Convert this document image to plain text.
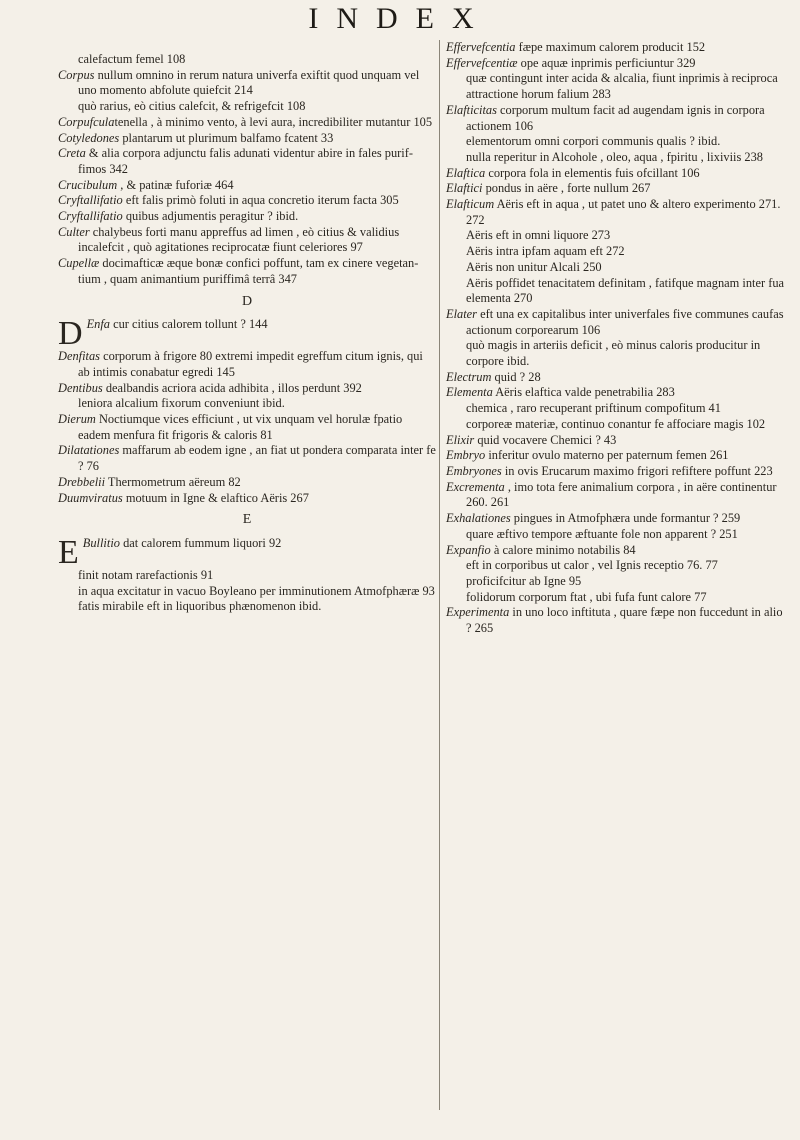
INDEX

calefactum femel 108

Corpus nullum omnino in rerum natura univerfa exiftit quod unquam vel uno momento abfolute quiefcit 214

quò rarius, eò citius calefcit, & refrigefcit 108

Corpufculatenella , à minimo vento, à levi aura, incredibiliter mutantur 105

Cotyledones plantarum ut plurimum balfamo fcatent 33

Creta & alia corpora adjunctu falis adunati videntur abire in fales purif-fimos 342

Crucibulum , & patinæ fuforiæ 464

Cryftallifatio eft falis primò foluti in aqua concretio iterum facta 305

Cryftallifatio quibus adjumentis peragitur ? ibid.

Culter chalybeus forti manu appreffus ad limen , eò citius & validius incalefcit , quò agitationes reciprocatæ fiunt celeriores 97

Cupellæ docimafticæ æque bonæ confici poffunt, tam ex cinere vegetan-tium , quam animantium puriffimâ terrâ 347

D

D Enfa cur citius calorem tollunt ? 144

Denfitas corporum à frigore 80 extremi impedit egreffum citum ignis, qui ab intimis conabatur egredi 145

Dentibus dealbandis acriora acida adhibita , illos perdunt 392

leniora alcalium fixorum conveniunt ibid.

Dierum Noctiumque vices efficiunt , ut vix unquam vel horulæ fpatio eadem menfura fit frigoris & caloris 81

Dilatationes maffarum ab eodem igne , an fiat ut pondera comparata inter fe ? 76

Drebbelii Thermometrum aëreum 82

Duumviratus motuum in Igne & elaftico Aëris 267

E

E Bullitio dat calorem fummum liquori 92

finit notam rarefactionis 91

in aqua excitatur in vacuo Boyleano per imminutionem Atmofphæræ 93

fatis mirabile eft in liquoribus phænomenon ibid.

Effervefcentia fæpe maximum calorem producit 152

Effervefcentiæ ope aquæ inprimis perficiuntur 329

quæ contingunt inter acida & alcalia, fiunt inprimis à reciproca attractione horum falium 283

Elafticitas corporum multum facit ad augendam ignis in corpora actionem 106

elementorum omni corpori communis qualis ? ibid.

nulla reperitur in Alcohole , oleo, aqua , fpiritu , lixiviis 238

Elaftica corpora fola in elementis fuis ofcillant 106

Elaftici pondus in aëre , forte nullum 267

Elafticum Aëris eft in aqua , ut patet uno & altero experimento 271. 272

Aëris eft in omni liquore 273

Aëris intra ipfam aquam eft 272

Aëris non unitur Alcali 250

Aëris poffidet tenacitatem definitam , fatifque magnam inter fua elementa 270

Elater eft una ex capitalibus inter univerfales five communes caufas actionum corporearum 106

quò magis in arteriis deficit , eò minus caloris producitur in corpore ibid.

Electrum quid ? 28

Elementa Aëris elaftica valde penetrabilia 283

chemica , raro recuperant priftinum compofitum 41

corporeæ materiæ, continuo conantur fe affociare magis 102

Elixir quid vocavere Chemici ? 43

Embryo inferitur ovulo materno per paternum femen 261

Embryones in ovis Erucarum maximo frigori refiftere poffunt 223

Excrementa , imo tota fere animalium corpora , in aëre continentur 260. 261

Exhalationes pingues in Atmofphæra unde formantur ? 259

quare æftivo tempore æftuante fole non apparent ? 251

Expanfio à calore minimo notabilis 84

eft in corporibus ut calor , vel Ignis receptio 76. 77

proficifcitur ab Igne 95

folidorum corporum ftat , ubi fufa funt calore 77

Experimenta in uno loco inftituta , quare fæpe non fuccedunt in alio ? 265
